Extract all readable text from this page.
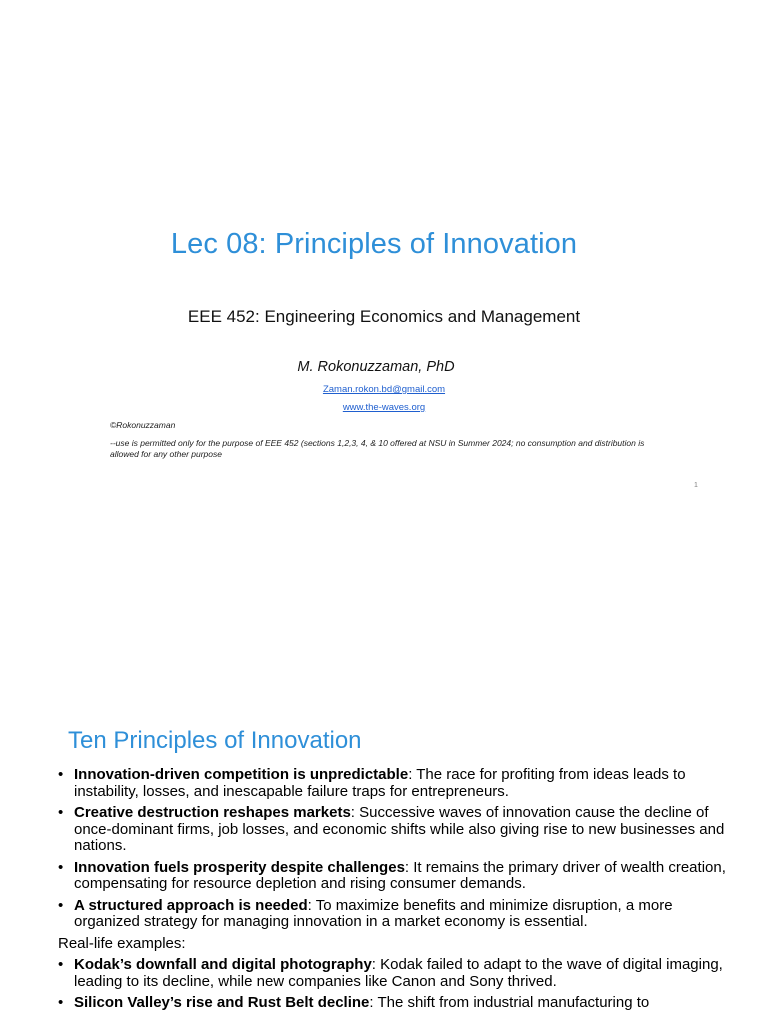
Lec 08: Principles of Innovation
EEE 452: Engineering Economics and Management
M. Rokonuzzaman, PhD
Zaman.rokon.bd@gmail.com
www.the-waves.org
©Rokonuzzaman
--use is permitted only for the purpose of EEE 452 (sections 1,2,3, 4, & 10 offered at NSU in Summer 2024; no consumption and distribution is allowed for any other purpose
1
Ten Principles of Innovation
• Innovation-driven competition is unpredictable: The race for profiting from ideas leads to instability, losses, and inescapable failure traps for entrepreneurs.
• Creative destruction reshapes markets: Successive waves of innovation cause the decline of once-dominant firms, job losses, and economic shifts while also giving rise to new businesses and nations.
• Innovation fuels prosperity despite challenges: It remains the primary driver of wealth creation, compensating for resource depletion and rising consumer demands.
• A structured approach is needed: To maximize benefits and minimize disruption, a more organized strategy for managing innovation in a market economy is essential.
Real-life examples:
• Kodak’s downfall and digital photography: Kodak failed to adapt to the wave of digital imaging, leading to its decline, while new companies like Canon and Sony thrived.
• Silicon Valley’s rise and Rust Belt decline: The shift from industrial manufacturing to
